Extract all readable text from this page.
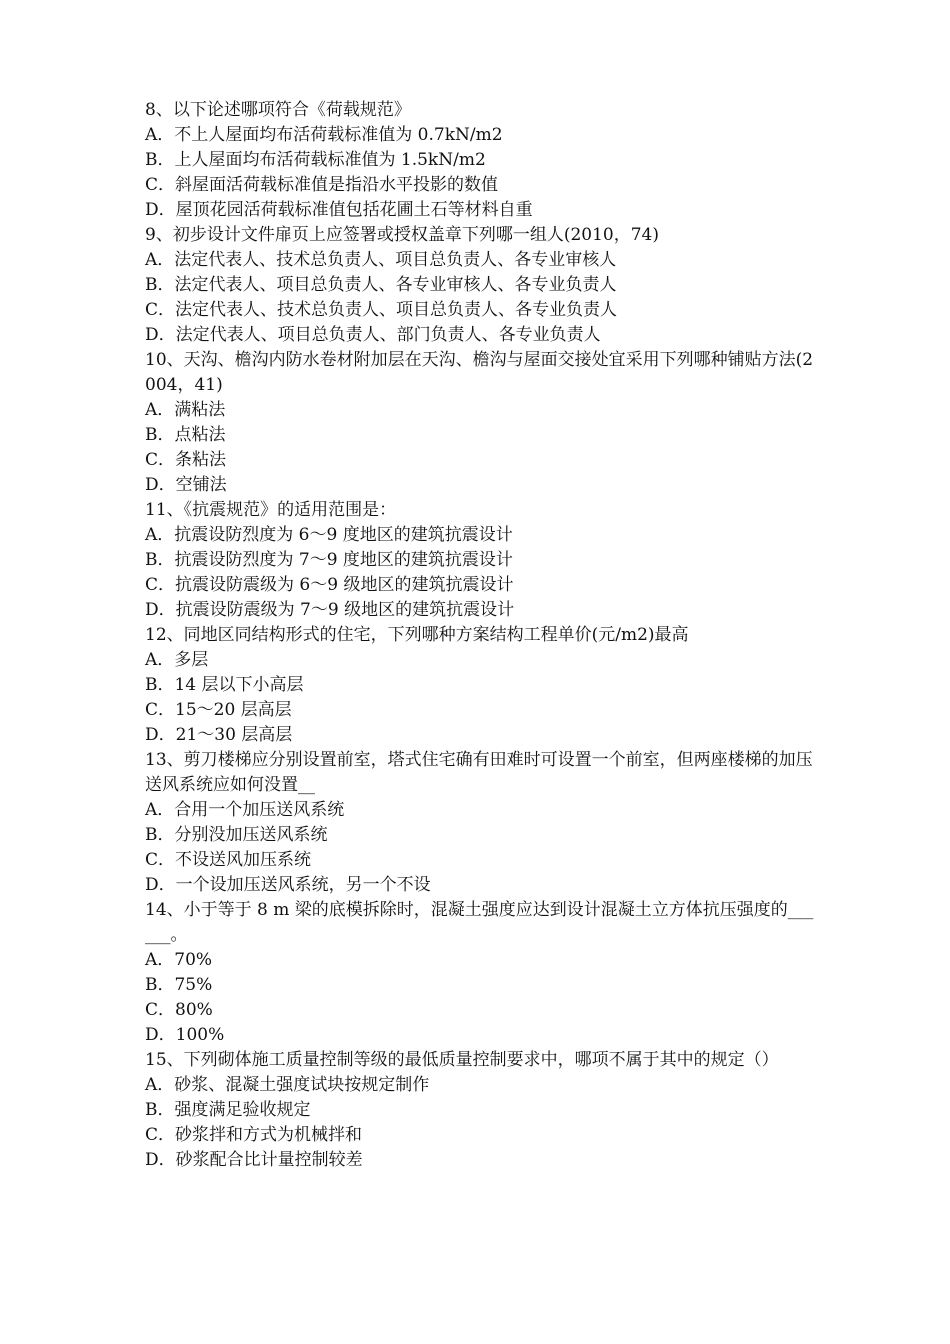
8、以下论述哪项符合《荷载规范》
A．不上人屋面均布活荷载标准值为 0.7kN/m2
B．上人屋面均布活荷载标准值为 1.5kN/m2
C．斜屋面活荷载标准值是指沿水平投影的数值
D．屋顶花园活荷载标准值包括花圃土石等材料自重
9、初步设计文件扉页上应签署或授权盖章下列哪一组人(2010，74)
A．法定代表人、技术总负责人、项目总负责人、各专业审核人
B．法定代表人、项目总负责人、各专业审核人、各专业负责人
C．法定代表人、技术总负责人、项目总负责人、各专业负责人
D．法定代表人、项目总负责人、部门负责人、各专业负责人
10、天沟、檐沟内防水卷材附加层在天沟、檐沟与屋面交接处宜采用下列哪种铺贴方法(2004，41)
A．满粘法
B．点粘法
C．条粘法
D．空铺法
11、《抗震规范》的适用范围是：
A．抗震设防烈度为 6～9 度地区的建筑抗震设计
B．抗震设防烈度为 7～9 度地区的建筑抗震设计
C．抗震设防震级为 6～9 级地区的建筑抗震设计
D．抗震设防震级为 7～9 级地区的建筑抗震设计
12、同地区同结构形式的住宅，下列哪种方案结构工程单价(元/m2)最高
A．多层
B．14 层以下小高层
C．15～20 层高层
D．21～30 层高层
13、剪刀楼梯应分别设置前室，塔式住宅确有田难时可设置一个前室，但两座楼梯的加压送风系统应如何没置__
A．合用一个加压送风系统
B．分别没加压送风系统
C．不设送风加压系统
D．一个设加压送风系统，另一个不设
14、小于等于 8 m 梁的底模拆除时，混凝土强度应达到设计混凝土立方体抗压强度的______。
A．70%
B．75%
C．80%
D．100%
15、下列砌体施工质量控制等级的最低质量控制要求中，哪项不属于其中的规定（）
A．砂浆、混凝土强度试块按规定制作
B．强度满足验收规定
C．砂浆拌和方式为机械拌和
D．砂浆配合比计量控制较差
